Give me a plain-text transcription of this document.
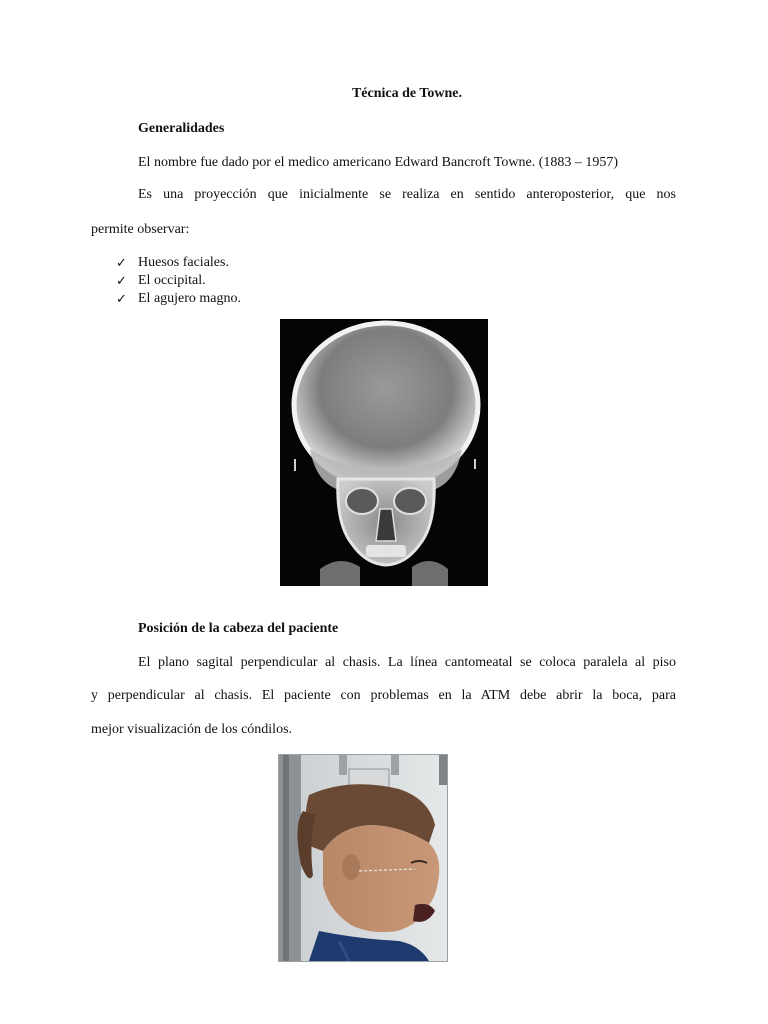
Técnica de Towne.

Generalidades

El nombre fue dado por el medico americano Edward Bancroft Towne. (1883 – 1957)

Es una proyección que inicialmente se realiza en sentido anteroposterior, que nos

permite observar:

✓ Huesos faciales.
✓ El occipital.
✓ El agujero magno.

Posición de la cabeza del paciente

El plano sagital perpendicular al chasis. La línea cantomeatal se coloca paralela al piso

y perpendicular al chasis. El paciente con problemas en la ATM debe abrir la boca, para

mejor visualización de los cóndilos.
